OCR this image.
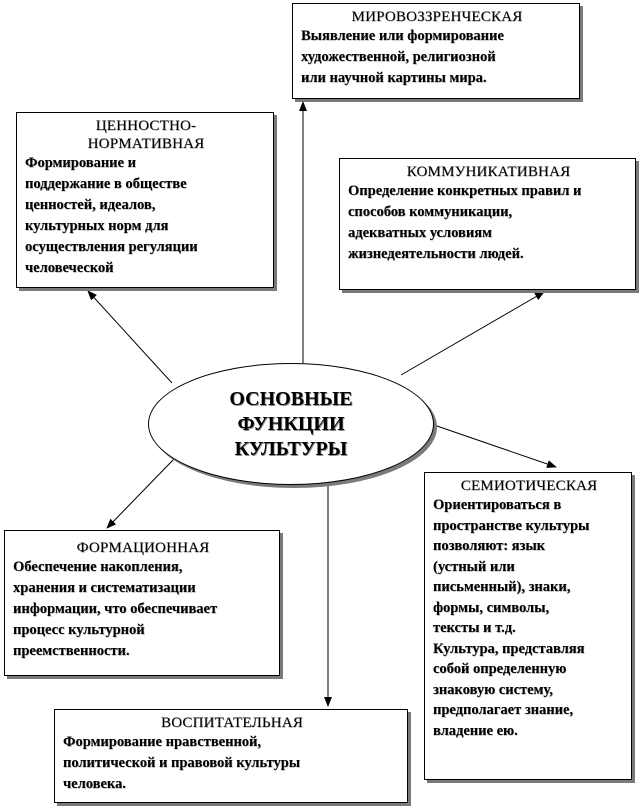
МИРОВОЗЗРЕНЧЕСКАЯ
Выявление или формирование
художественной, религиозной
или научной картины мира.
ЦЕННОСТНО-
НОРМАТИВНАЯ
Формирование и
поддержание в обществе
ценностей, идеалов,
культурных норм для
осуществления регуляции
человеческой
КОММУНИКАТИВНАЯ
Определение конкретных правил и
способов коммуникации,
адекватных условиям
жизнедеятельности людей.
ОСНОВНЫЕ
ФУНКЦИИ
КУЛЬТУРЫ
СЕМИОТИЧЕСКАЯ
Ориентироваться в
пространстве культуры
позволяют: язык
(устный или
письменный), знаки,
формы, символы,
тексты и т.д.
Культура, представляя
собой определенную
знаковую систему,
предполагает знание,
владение ею.
ФОРМАЦИОННАЯ
Обеспечение накопления,
хранения и систематизации
информации, что обеспечивает
процесс культурной
преемственности.
ВОСПИТАТЕЛЬНАЯ
Формирование нравственной,
политической и правовой культуры
человека.
